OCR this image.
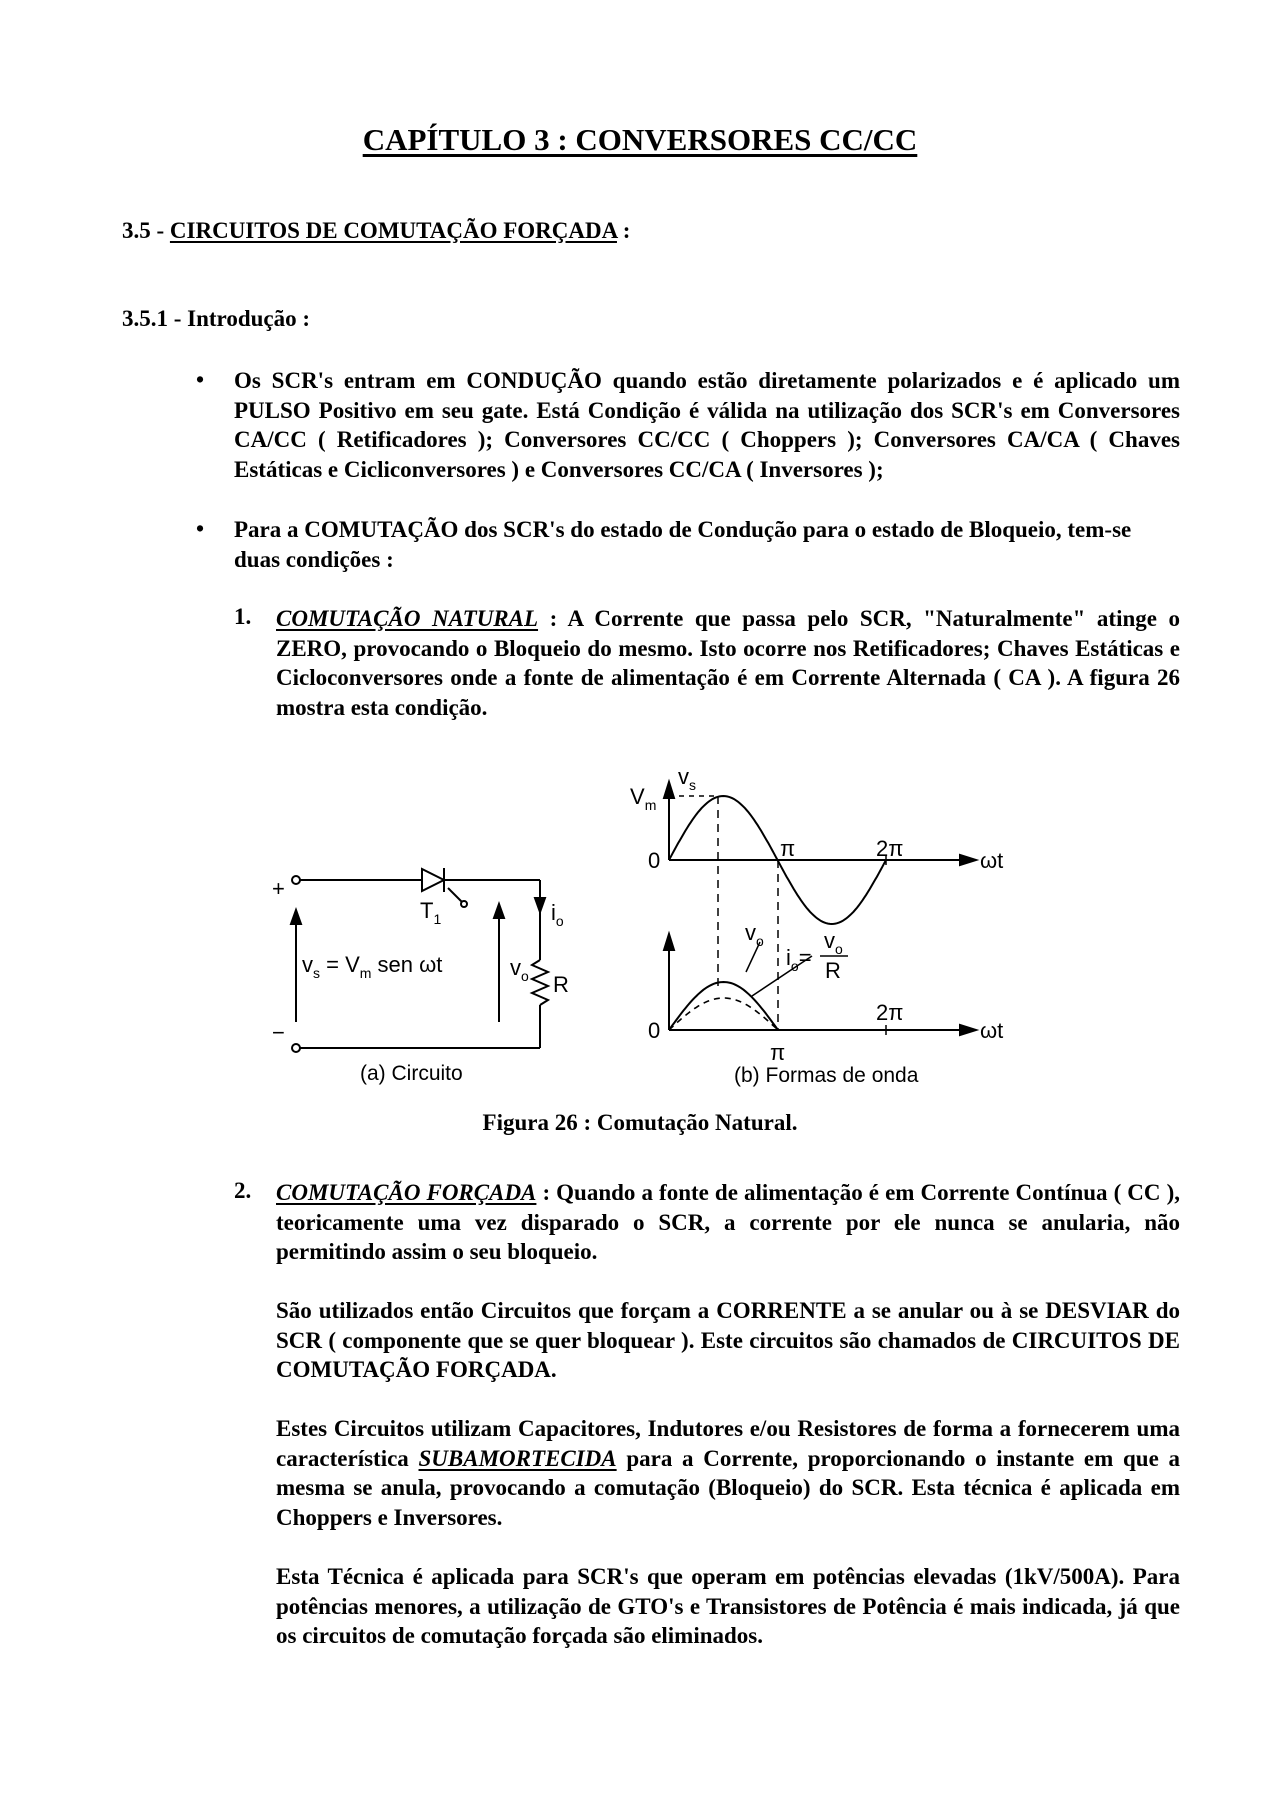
CAPÍTULO 3 : CONVERSORES CC/CC
3.5 - CIRCUITOS DE COMUTAÇÃO FORÇADA :
3.5.1 - Introdução :
• Os SCR's entram em CONDUÇÃO quando estão diretamente polarizados e é aplicado um PULSO Positivo em seu gate. Está Condição é válida na utilização dos SCR's em Conversores CA/CC ( Retificadores ); Conversores CC/CC ( Choppers ); Conversores CA/CA ( Chaves Estáticas e Cicliconversores ) e Conversores CC/CA ( Inversores );
• Para a COMUTAÇÃO dos SCR's do estado de Condução para o estado de Bloqueio, tem-se duas condições :
1. COMUTAÇÃO NATURAL : A Corrente que passa pelo SCR, "Naturalmente" atinge o ZERO, provocando o Bloqueio do mesmo. Isto ocorre nos Retificadores; Chaves Estáticas e Cicloconversores onde a fonte de alimentação é em Corrente Alternada ( CA ). A figura 26 mostra esta condição.
+
−
$T_1$
$v_s = V_m$ sen ωt	$v_o$ R
$i_o$
(a) Circuito
$v_s$
$V_m$
0	π	2π	ωt
0
π
2π
ωt
$v_o$
$i_o=$
$v_o$
R
(b) Formas de onda
Figura 26 : Comutação Natural.
2. COMUTAÇÃO FORÇADA : Quando a fonte de alimentação é em Corrente Contínua ( CC ), teoricamente uma vez disparado o SCR, a corrente por ele nunca se anularia, não permitindo assim o seu bloqueio.
São utilizados então Circuitos que forçam a CORRENTE a se anular ou à se DESVIAR do SCR ( componente que se quer bloquear ). Este circuitos são chamados de CIRCUITOS DE COMUTAÇÃO FORÇADA.
Estes Circuitos utilizam Capacitores, Indutores e/ou Resistores de forma a fornecerem uma característica SUBAMORTECIDA para a Corrente, proporcionando o instante em que a mesma se anula, provocando a comutação (Bloqueio) do SCR. Esta técnica é aplicada em Choppers e Inversores.
Esta Técnica é aplicada para SCR's que operam em potências elevadas (1kV/500A). Para potências menores, a utilização de GTO's e Transistores de Potência é mais indicada, já que os circuitos de comutação forçada são eliminados.
